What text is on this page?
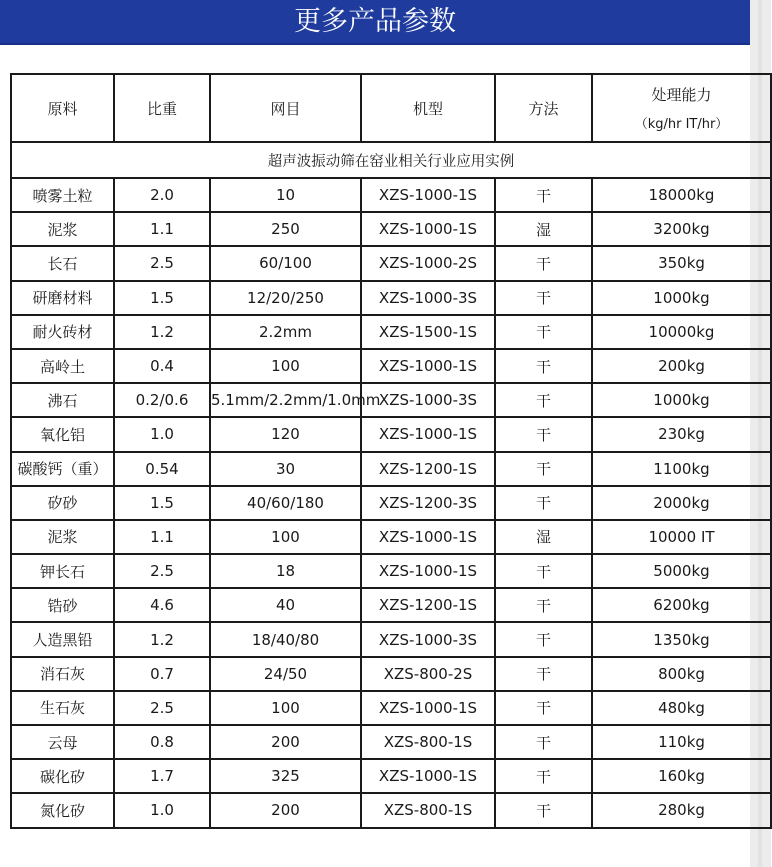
更多产品参数
原料	比重	网目	机型	方法	处理能力
（kg/hr IT/hr）

超声波振动筛在窑业相关行业应用实例					
喷雾土粒	2.0	10	XZS-1000-1S	干	18000kg
泥浆	1.1	250	XZS-1000-1S	湿	3200kg
长石	2.5	60/100	XZS-1000-2S	干	350kg
研磨材料	1.5	12/20/250	XZS-1000-3S	干	1000kg
耐火砖材	1.2	2.2mm	XZS-1500-1S	干	10000kg
高岭土	0.4	100	XZS-1000-1S	干	200kg
沸石	0.2/0.6	5.1mm/2.2mm/1.0mm	XZS-1000-3S	干	1000kg
氧化铝	1.0	120	XZS-1000-1S	干	230kg
碳酸钙（重）	0.54	30	XZS-1200-1S	干	1100kg
矽砂	1.5	40/60/180	XZS-1200-3S	干	2000kg
泥浆	1.1	100	XZS-1000-1S	湿	10000 IT
钾长石	2.5	18	XZS-1000-1S	干	5000kg
锆砂	4.6	40	XZS-1200-1S	干	6200kg
人造黑铅	1.2	18/40/80	XZS-1000-3S	干	1350kg
消石灰	0.7	24/50	XZS-800-2S	干	800kg
生石灰	2.5	100	XZS-1000-1S	干	480kg
云母	0.8	200	XZS-800-1S	干	110kg
碳化矽	1.7	325	XZS-1000-1S	干	160kg
氮化矽	1.0	200	XZS-800-1S	干	280kg
